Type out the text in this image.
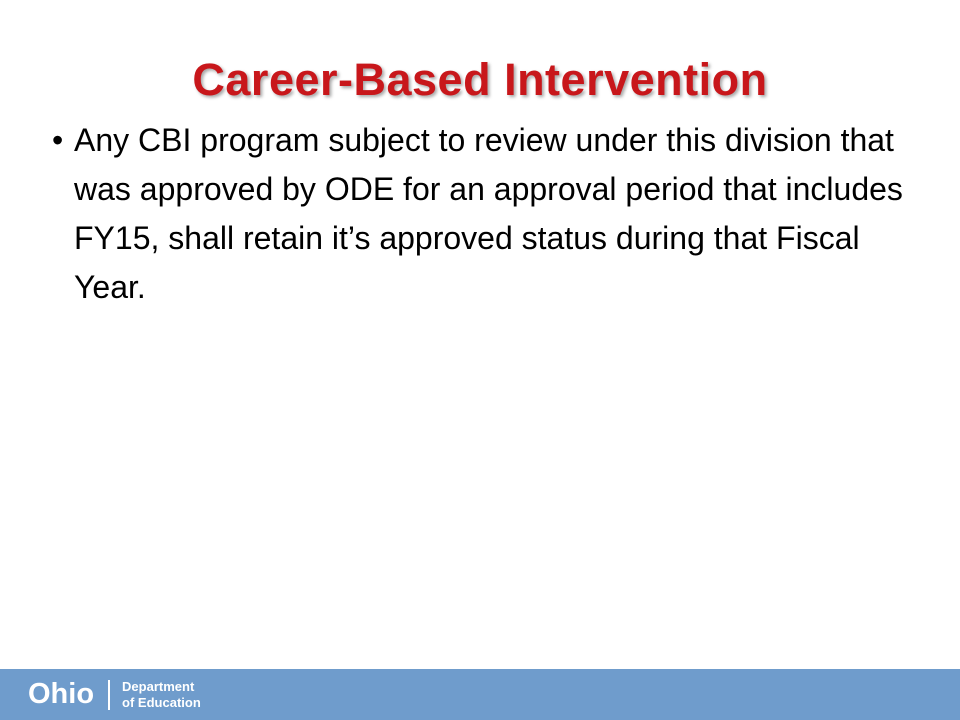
Career-Based Intervention
• Any CBI program subject to review under this division that was approved by ODE for an approval period that includes FY15, shall retain it’s approved status during that Fiscal Year.
Ohio Department
of Education
